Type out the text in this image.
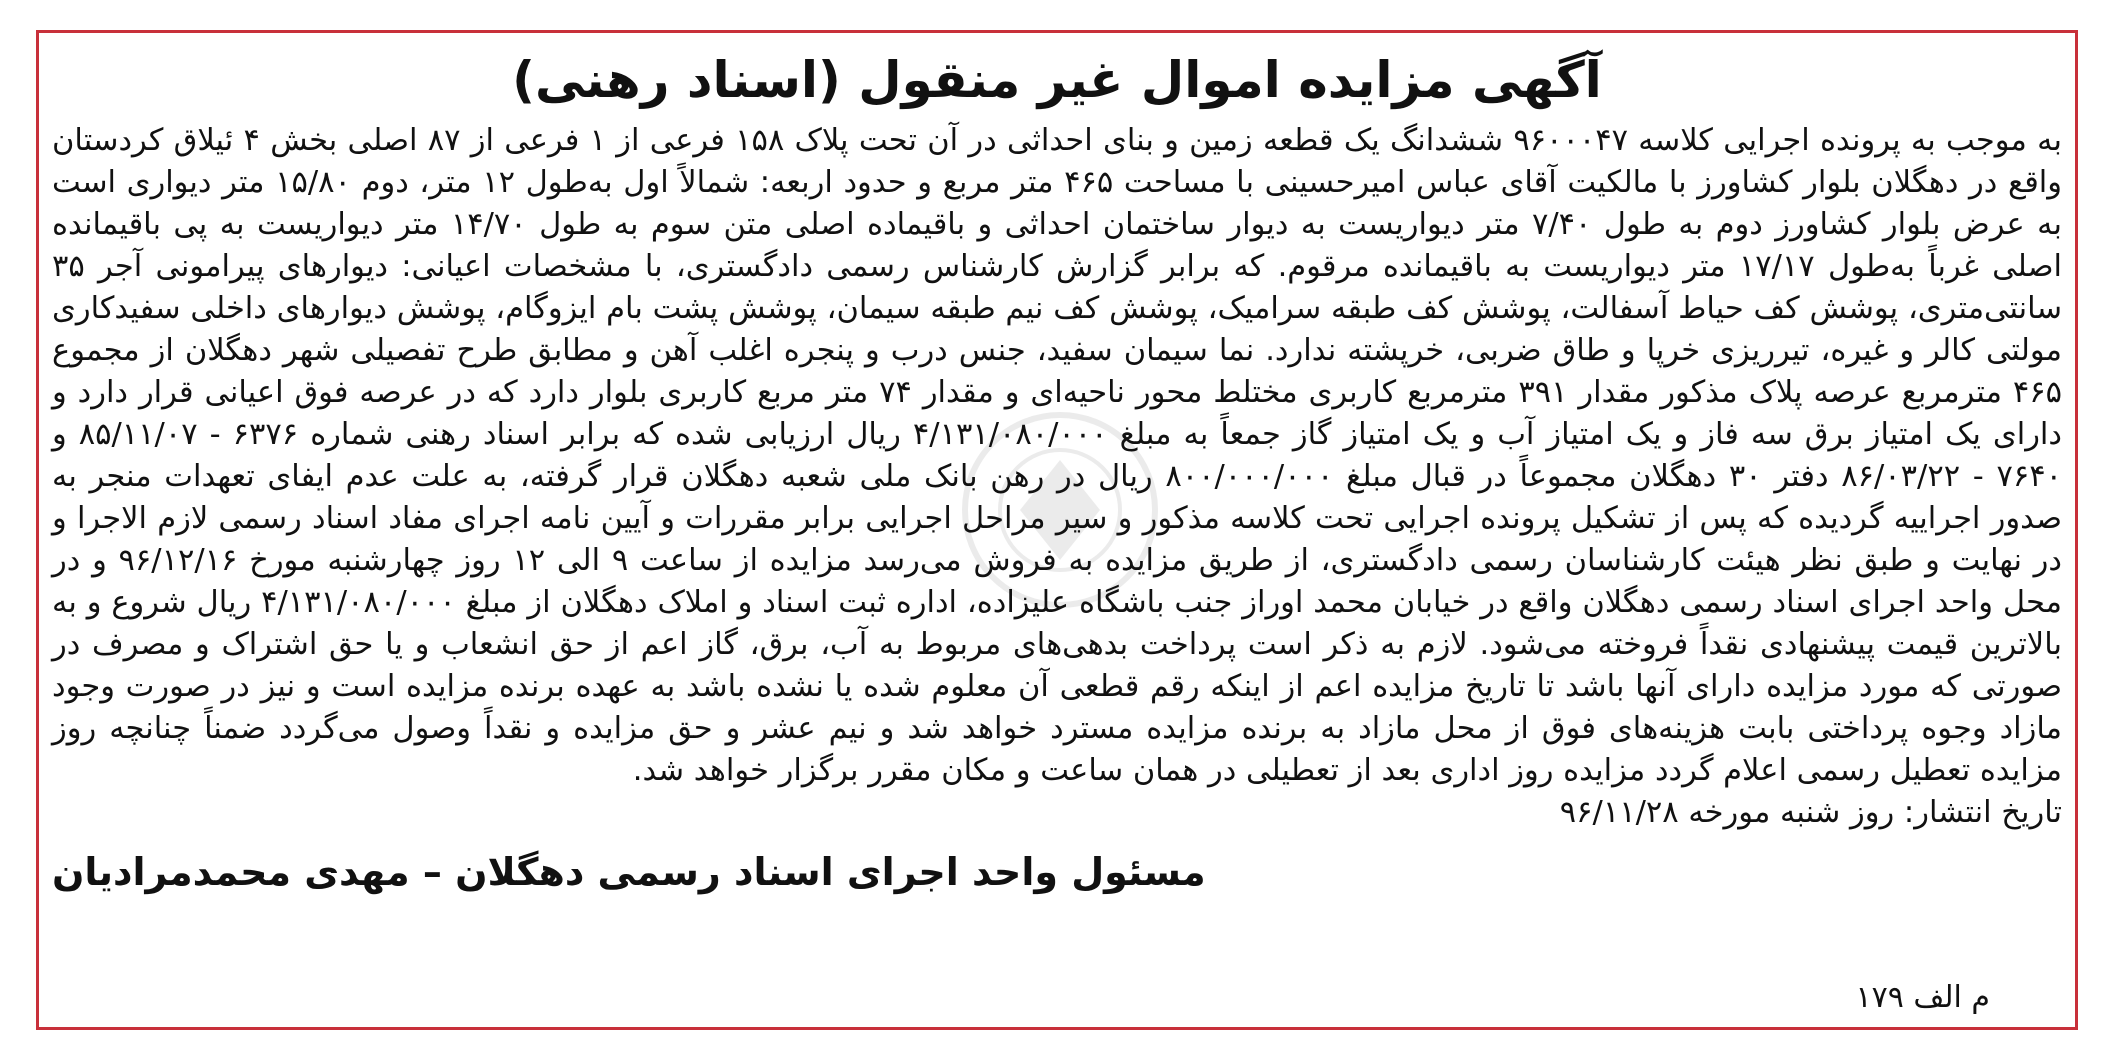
آگهی مزایده اموال غیر منقول (اسناد رهنی)

به موجب به پرونده اجرایی کلاسه ۹۶۰۰۰۴۷ ششدانگ یک قطعه زمین و بنای احداثی در آن تحت پلاک ۱۵۸ فرعی از ۱ فرعی از ۸۷ اصلی بخش ۴ ئیلاق کردستان واقع در دهگلان بلوار کشاورز با مالکیت آقای عباس امیرحسینی با مساحت ۴۶۵ متر مربع و حدود اربعه: شمالاً اول به‌طول ۱۲ متر، دوم ۱۵/۸۰ متر دیواری است به عرض بلوار کشاورز دوم به طول ۷/۴۰ متر دیواریست به دیوار ساختمان احداثی و باقیماده اصلی متن سوم به طول ۱۴/۷۰ متر دیواریست به پی باقیمانده اصلی غرباً به‌طول ۱۷/۱۷ متر دیواریست به باقیمانده مرقوم. که برابر گزارش کارشناس رسمی دادگستری، با مشخصات اعیانی: دیوارهای پیرامونی آجر ۳۵ سانتی‌متری، پوشش کف حیاط آسفالت، پوشش کف طبقه سرامیک، پوشش کف نیم طبقه سیمان، پوشش پشت بام ایزوگام، پوشش دیوارهای داخلی سفیدکاری مولتی کالر و غیره، تیرریزی خرپا و طاق ضربی، خرپشته ندارد. نما سیمان سفید، جنس درب و پنجره اغلب آهن و مطابق طرح تفصیلی شهر دهگلان از مجموع ۴۶۵ مترمربع عرصه پلاک مذکور مقدار ۳۹۱ مترمربع کاربری مختلط محور ناحیه‌ای و مقدار ۷۴ متر مربع کاربری بلوار دارد که در عرصه فوق اعیانی قرار دارد و دارای یک امتیاز برق سه فاز و یک امتیاز آب و یک امتیاز گاز جمعاً به مبلغ ۴/۱۳۱/۰۸۰/۰۰۰ ریال ارزیابی شده که برابر اسناد رهنی شماره ۶۳۷۶ - ۸۵/۱۱/۰۷ و ۷۶۴۰ - ۸۶/۰۳/۲۲ دفتر ۳۰ دهگلان مجموعاً در قبال مبلغ ۸۰۰/۰۰۰/۰۰۰ ریال در رهن بانک ملی شعبه دهگلان قرار گرفته، به علت عدم ایفای تعهدات منجر به صدور اجراییه گردیده که پس از تشکیل پرونده اجرایی تحت کلاسه مذکور و سیر مراحل اجرایی برابر مقررات و آیین نامه اجرای مفاد اسناد رسمی لازم الاجرا و در نهایت و طبق نظر هیئت کارشناسان رسمی دادگستری، از طریق مزایده به فروش می‌رسد مزایده از ساعت ۹ الی ۱۲ روز چهارشنبه مورخ ۹۶/۱۲/۱۶ و در محل واحد اجرای اسناد رسمی دهگلان واقع در خیابان محمد اوراز جنب باشگاه علیزاده، اداره ثبت اسناد و املاک دهگلان از مبلغ ۴/۱۳۱/۰۸۰/۰۰۰ ریال شروع و به بالاترین قیمت پیشنهادی نقداً فروخته می‌شود. لازم به ذکر است پرداخت بدهی‌های مربوط به آب، برق، گاز اعم از حق انشعاب و یا حق اشتراک و مصرف در صورتی که مورد مزایده دارای آنها باشد تا تاریخ مزایده اعم از اینکه رقم قطعی آن معلوم شده یا نشده باشد به عهده برنده مزایده است و نیز در صورت وجود مازاد وجوه پرداختی بابت هزینه‌های فوق از محل مازاد به برنده مزایده مسترد خواهد شد و نیم عشر و حق مزایده و نقداً وصول می‌گردد ضمناً چنانچه روز مزایده تعطیل رسمی اعلام گردد مزایده روز اداری بعد از تعطیلی در همان ساعت و مکان مقرر برگزار خواهد شد.

تاریخ انتشار: روز شنبه مورخه ۹۶/۱۱/۲۸

مسئول واحد اجرای اسناد رسمی دهگلان – مهدی محمدمرادیان

م الف ۱۷۹
